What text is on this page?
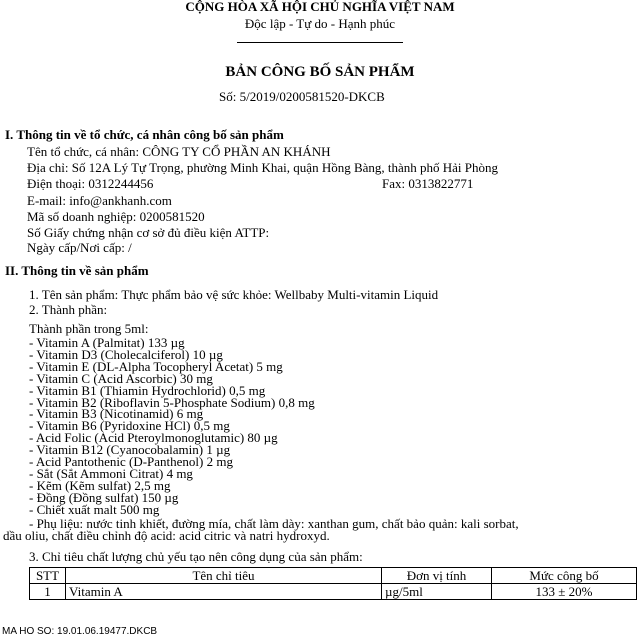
CỘNG HÒA XÃ HỘI CHỦ NGHĨA VIỆT NAM
Độc lập - Tự do - Hạnh phúc
BẢN CÔNG BỐ SẢN PHẨM
Số: 5/2019/0200581520-DKCB
I. Thông tin về tổ chức, cá nhân công bố sản phẩm
Tên tổ chức, cá nhân: CÔNG TY CỔ PHẦN AN KHÁNH
Địa chỉ: Số 12A Lý Tự Trọng, phường Minh Khai, quận Hồng Bàng, thành phố Hải Phòng
Điện thoại: 0312244456	Fax: 0313822771
E-mail: info@ankhanh.com
Mã số doanh nghiệp: 0200581520
Số Giấy chứng nhận cơ sở đủ điều kiện ATTP:
Ngày cấp/Nơi cấp: /
II. Thông tin về sản phẩm
1. Tên sản phẩm: Thực phẩm bảo vệ sức khỏe: Wellbaby Multi-vitamin Liquid
2. Thành phần:
Thành phần trong 5ml:
- Vitamin A (Palmitat) 133 µg
- Vitamin D3 (Cholecalciferol) 10 µg
- Vitamin E (DL-Alpha Tocopheryl Acetat) 5 mg
- Vitamin C (Acid Ascorbic) 30 mg
- Vitamin B1 (Thiamin Hydrochlorid) 0,5 mg
- Vitamin B2 (Riboflavin 5-Phosphate Sodium) 0,8 mg
- Vitamin B3 (Nicotinamid) 6 mg
- Vitamin B6 (Pyridoxine HCl) 0,5 mg
- Acid Folic (Acid Pteroylmonoglutamic) 80 µg
- Vitamin B12 (Cyanocobalamin) 1 µg
- Acid Pantothenic (D-Panthenol) 2 mg
- Sắt (Sắt Ammoni Citrat) 4 mg
- Kẽm (Kẽm sulfat) 2,5 mg
- Đồng (Đồng sulfat) 150 µg
- Chiết xuất malt 500 mg
- Phụ liệu: nước tinh khiết, đường mía, chất làm dày: xanthan gum, chất bảo quản: kali sorbat,
dầu oliu, chất điều chỉnh độ acid: acid citric và natri hydroxyd.
3. Chỉ tiêu chất lượng chủ yếu tạo nên công dụng của sản phẩm:
STT	Tên chỉ tiêu	Đơn vị tính	Mức công bố
1	Vitamin A	µg/5ml	133 ± 20%
MA HO SO: 19.01.06.19477.DKCB
